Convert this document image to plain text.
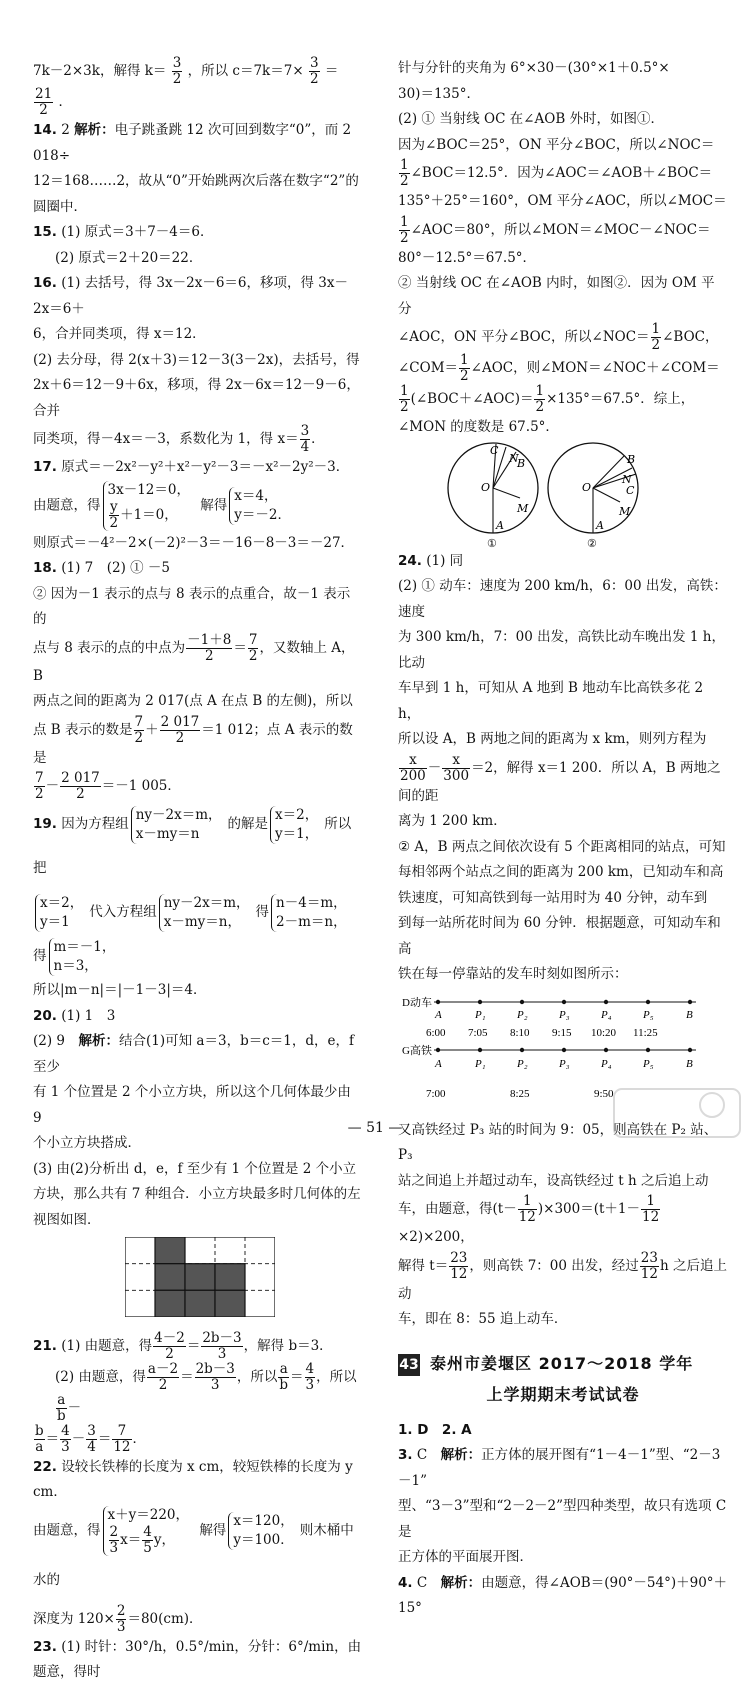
7k－2×3k，解得 $k= \frac{3}{2}$ ，所以 $c=7k=7\times \frac{3}{2}$ ＝
$\frac{21}{2}$ ．

14. 2 解析：电子跳蚤跳 12 次可回到数字“0”，而 2 018÷

12＝168……2，故从“0”开始跳两次后落在数字“2”的

圆圈中．

15. (1) 原式＝3＋7－4＝6．

(2) 原式＝2＋20＝22．

16. (1) 去括号，得 3x－2x－6＝6，移项，得 3x－2x＝6＋

6，合并同类项，得 x＝12．

(2) 去分母，得 2(x＋3)＝12－3(3－2x)，去括号，得

2x＋6＝12－9＋6x，移项，得 2x－6x＝12－9－6，合并

同类项，得－4x＝－3，系数化为 1，得 $x= \frac{3}{4}$ ．

17. 原式＝－2x²－y²＋x²－y²－3＝－x²－2y²－3．

由题意，得
3x－12＝0，
$\frac{y}{2} +1=0$，
解得
x＝4，
y＝－2．

则原式＝－4²－2×(－2)²－3＝－16－8－3＝－27．

18. (1) 7　(2) ① －5

② 因为－1 表示的点与 8 表示的点重合，故－1 表示的

点与 8 表示的点的中点为 $\frac{-1+8}{2} = \frac{7}{2}$ ，又数轴上 A，B

两点之间的距离为 2 017(点 A 在点 B 的左侧)，所以

点 B 表示的数是 $\frac{7}{2} + \frac{2 017}{2} =1$ 012；点 A 表示的数是

$\frac{7}{2} - \frac{2 017}{2} =-1$ 005．

19. 因为方程组
ny－2x＝m，
x－my＝n
的解是
x＝2，
y＝1，
所以把

x＝2，
y＝1
代入方程组
ny－2x＝m，
x－my＝n，
得
n－4＝m，
2－m＝n，

得
m＝－1，
n＝3，

所以|m－n|＝|－1－3|＝4．

20. (1) 1　3

(2) 9　解析：结合(1)可知 a＝3，b＝c＝1，d，e，f 至少

有 1 个位置是 2 个小立方块，所以这个几何体最少由 9

个小立方块搭成．

(3) 由(2)分析出 d，e，f 至少有 1 个位置是 2 个小立

方块，那么共有 7 种组合．小立方块最多时几何体的左

视图如图．

21. (1) 由题意，得 $\frac{4-2}{2} = \frac{2b-3}{3}$ ，解得 b＝3．

(2) 由题意，得 $\frac{a-2}{2} = \frac{2b-3}{3}$ ，所以 $\frac{a}{b} = \frac{4}{3}$ ，所以
$\frac{a}{b}$ －

$\frac{b}{a} = \frac{4}{3} - \frac{3}{4} = \frac{7}{12}$ ．

22. 设较长铁棒的长度为 x cm，较短铁棒的长度为 y cm．

由题意，得
x＋y＝220，
$\frac{2}{3} x= \frac{4}{5}$ y，
解得
x＝120，
y＝100．
则木桶中水的

深度为 $120\times \frac{2}{3} =80(cm)$．

23. (1) 时针：30°/h，0.5°/min，分针：6°/min，由题意，得时

针与分针的夹角为 6°×30－(30°×1＋0.5°×

30)＝135°．

(2) ① 当射线 OC 在∠AOB 外时，如图①．

因为∠BOC＝25°，ON 平分∠BOC，所以∠NOC＝

$\frac{1}{2}$ ∠BOC＝12.5°．因为∠AOC＝∠AOB＋∠BOC＝

135°＋25°＝160°，OM 平分∠AOC，所以∠MOC＝

$\frac{1}{2}$ ∠AOC＝80°，所以∠MON＝∠MOC－∠NOC＝

80°－12.5°＝67.5°．

② 当射线 OC 在∠AOB 内时，如图②．因为 OM 平分

∠AOC，ON 平分∠BOC，所以∠NOC＝ $\frac{1}{2}$ ∠BOC，

∠COM＝ $\frac{1}{2}$ ∠AOC，则∠MON＝∠NOC＋∠COM＝

$\frac{1}{2}$ (∠BOC＋∠AOC)＝ $\frac{1}{2} \times 135^\circ=67.5^\circ$．综上，

∠MON 的度数是 67.5°．

O
C
N
B
M
A
①
O
B
N
C
M
A
②

24. (1) 同

(2) ① 动车：速度为 200 km/h，6：00 出发，高铁：速度

为 300 km/h，7：00 出发，高铁比动车晚出发 1 h，比动

车早到 1 h，可知从 A 地到 B 地动车比高铁多花 2 h，

所以设 A，B 两地之间的距离为 x km，则列方程为

$\frac{x}{200} - \frac{x}{300} =2$，解得 x＝1 200．所以 A，B 两地之间的距

离为 1 200 km．

② A，B 两点之间依次设有 5 个距离相同的站点，可知

每相邻两个站点之间的距离为 200 km，已知动车和高

铁速度，可知高铁到每一站用时为 40 分钟，动车到

到每一站所花时间为 60 分钟．根据题意，可知动车和高

铁在每一停靠站的发车时刻如图所示：

D动车
A	P₁	P₂	P₃	P₄	P₅	B
6:00 7:05 8:10 9:15 10:20 11:25
G高铁
A	P₁	P₂	P₃	P₄	P₅	B
7:00	8:25	9:50

又高铁经过 P₃ 站的时间为 9：05，则高铁在 P₂ 站、P₃

站之间追上并超过动车，设高铁经过 t h 之后追上动

车，由题意，得$(t- \frac{1}{12} )\times 300=(t+1- \frac{1}{12}$
×2)×200，

解得 $t= \frac{23}{12}$ ，则高铁 7：00 出发，经过 $\frac{23}{12}$ h 之后追上动

车，即在 8：55 追上动车．

43 泰州市姜堰区 2017～2018 学年
上学期期末考试试卷

1. D　2. A

3. C　解析：正方体的展开图有“1－4－1”型、“2－3－1”

型、“3－3”型和“2－2－2”型四种类型，故只有选项 C 是

正方体的平面展开图．

4. C　解析：由题意，得∠AOB＝(90°－54°)＋90°＋15°

— 51 —
